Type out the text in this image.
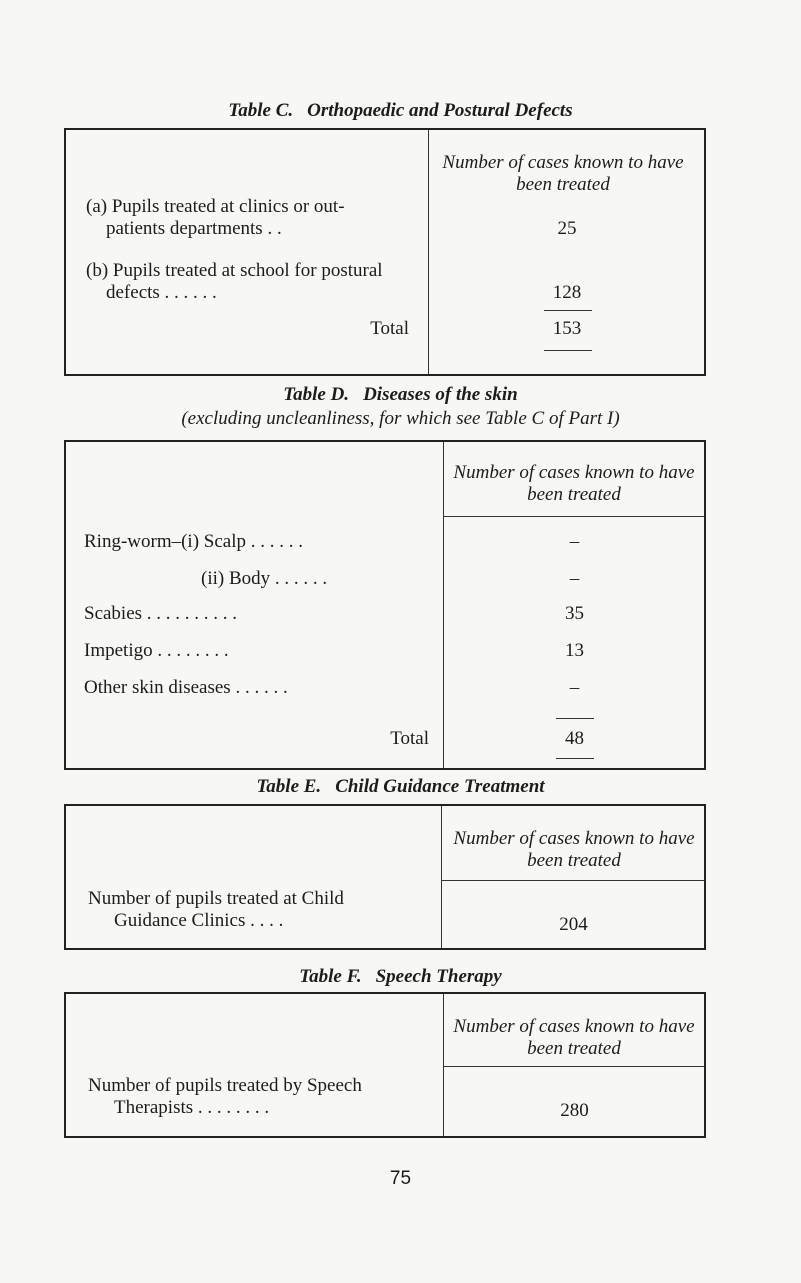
Table C. Orthopaedic and Postural Defects
Number of cases known to have been treated
(a) Pupils treated at clinics or out-
patients departments . .	25
(b) Pupils treated at school for postural
defects . . . . . .	128
Total	153
Table D. Diseases of the skin
(excluding uncleanliness, for which see Table C of Part I)
Number of cases known to have been treated
Ring-worm–(i) Scalp . . . . . .	–
(ii) Body . . . . . .	–
Scabies . . . . . . . . . .	35
Impetigo . . . . . . . .	13
Other skin diseases . . . . . .	–
Total	48
Table E. Child Guidance Treatment
Number of cases known to have been treated
Number of pupils treated at Child
Guidance Clinics . . . .	204
Table F. Speech Therapy
Number of cases known to have been treated
Number of pupils treated by Speech
Therapists . . . . . . . .	280
75
